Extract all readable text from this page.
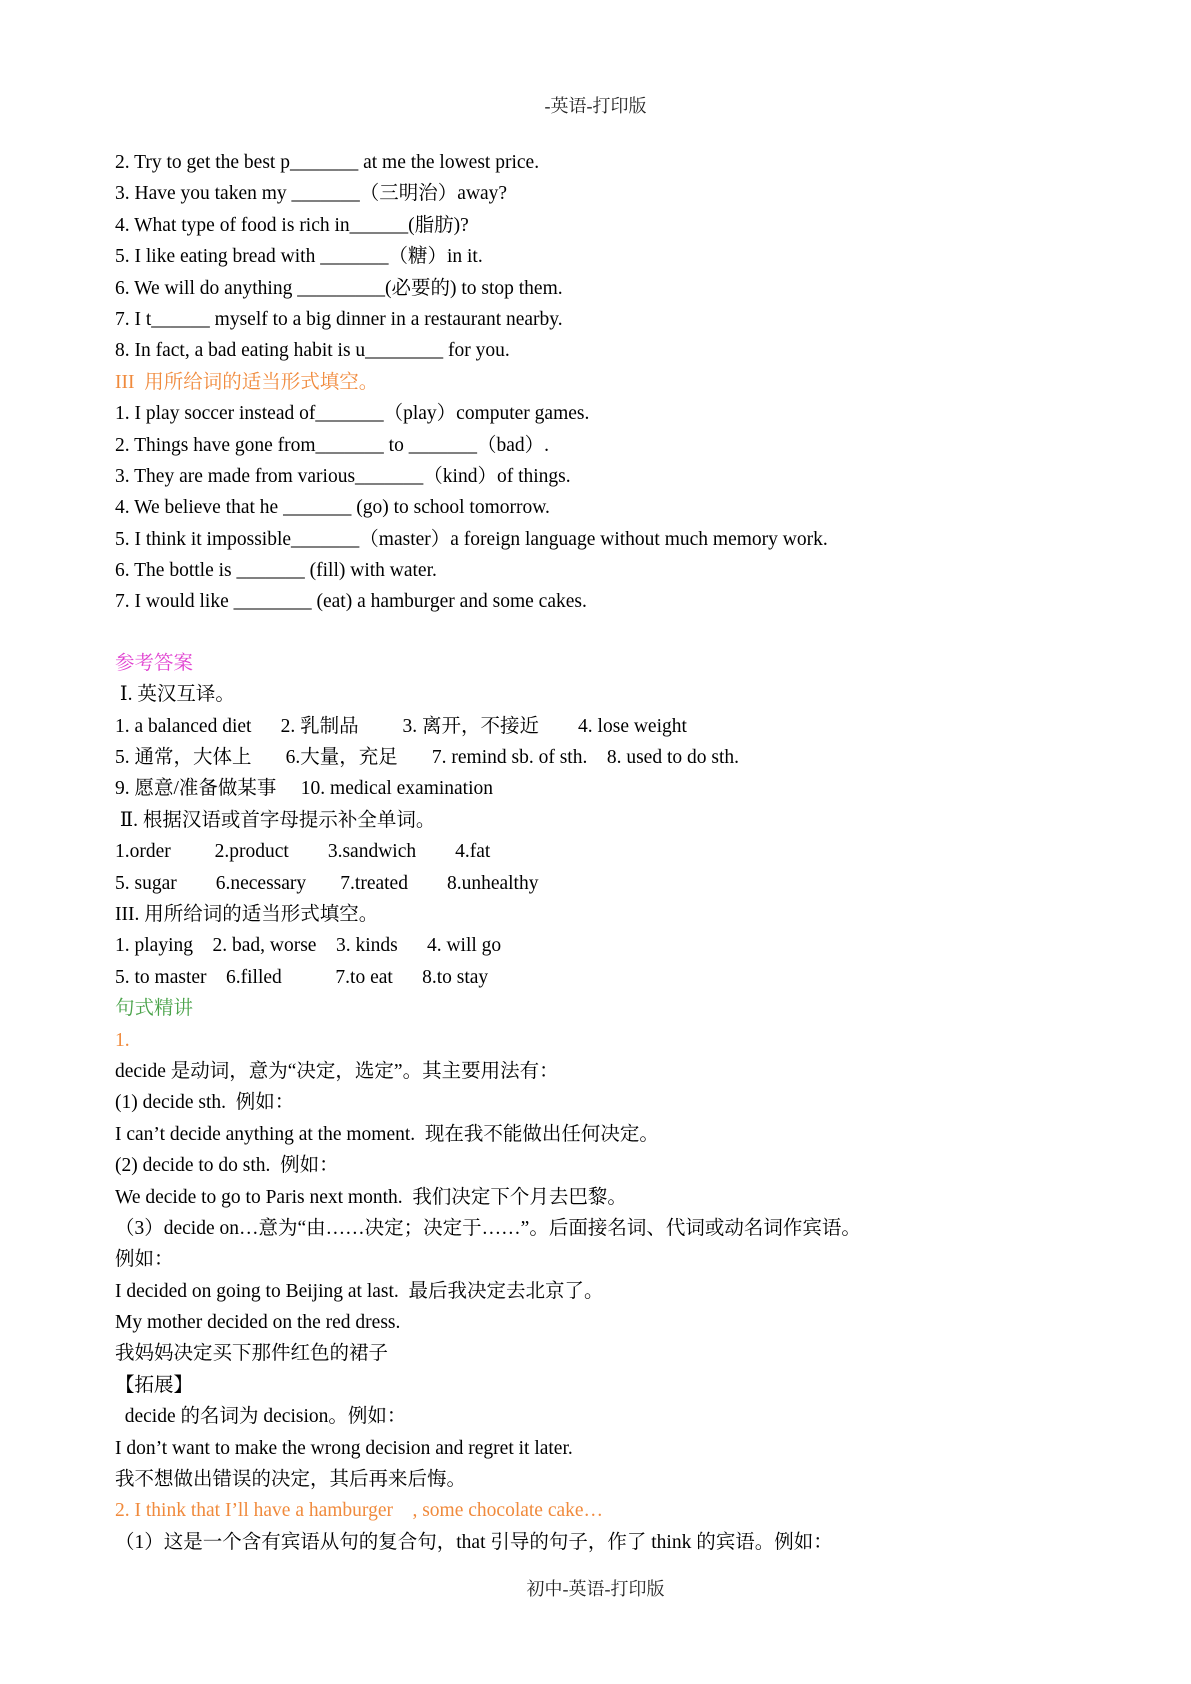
-英语-打印版
2. Try to get the best p_______ at me the lowest price.
3. Have you taken my _______（三明治）away?
4. What type of food is rich in______(脂肪)?
5. I like eating bread with _______（糖）in it.
6. We will do anything _________(必要的) to stop them.
7. I t______ myself to a big dinner in a restaurant nearby.
8. In fact, a bad eating habit is u________ for you.
III  用所给词的适当形式填空。
1. I play soccer instead of_______（play）computer games.
2. Things have gone from_______ to _______（bad）.
3. They are made from various_______（kind）of things.
4. We believe that he _______ (go) to school tomorrow.
5. I think it impossible_______（master）a foreign language without much memory work.
6. The bottle is _______ (fill) with water.
7. I would like ________ (eat) a hamburger and some cakes.
参考答案
Ⅰ. 英汉互译。
1. a balanced diet      2. 乳制品         3. 离开，不接近        4. lose weight
5. 通常，大体上       6.大量，充足       7. remind sb. of sth.    8. used to do sth.
9. 愿意/准备做某事     10. medical examination
Ⅱ. 根据汉语或首字母提示补全单词。
1.order         2.product        3.sandwich        4.fat
5. sugar        6.necessary       7.treated        8.unhealthy
III. 用所给词的适当形式填空。
1. playing    2. bad, worse    3. kinds      4. will go
5. to master    6.filled           7.to eat      8.to stay
句式精讲
1.
decide 是动词，意为“决定，选定”。其主要用法有：
(1) decide sth.  例如：
I can’t decide anything at the moment.  现在我不能做出任何决定。
(2) decide to do sth.  例如：
We decide to go to Paris next month.  我们决定下个月去巴黎。
（3）decide on…意为“由……决定；决定于……”。后面接名词、代词或动名词作宾语。
例如：
I decided on going to Beijing at last.  最后我决定去北京了。
My mother decided on the red dress.
我妈妈决定买下那件红色的裙子
【拓展】
decide 的名词为 decision。例如：
I don’t want to make the wrong decision and regret it later.
我不想做出错误的决定，其后再来后悔。
2. I think that I’ll have a hamburger    , some chocolate cake…
（1）这是一个含有宾语从句的复合句，that 引导的句子，作了 think 的宾语。例如：
初中-英语-打印版
